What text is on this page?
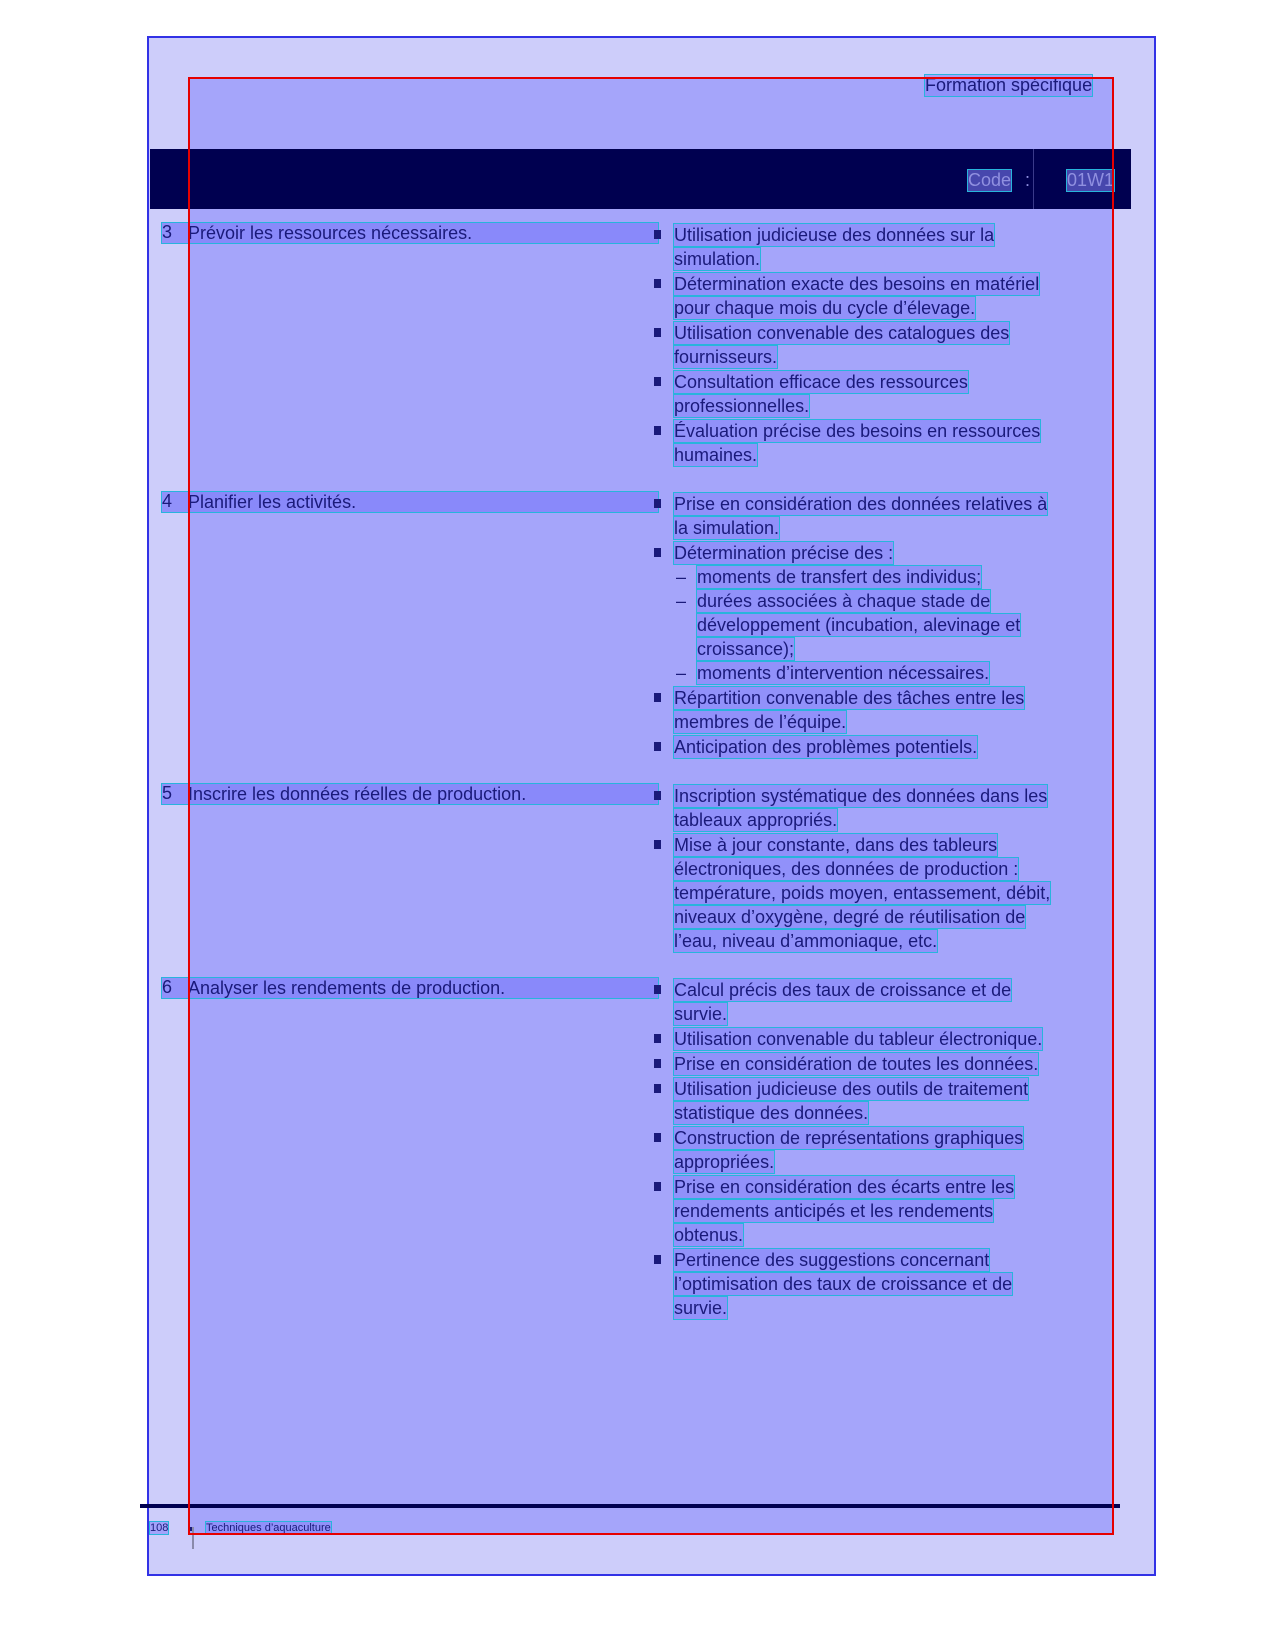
Formation spécifique
Code : 01W1
3 Prévoir les ressources nécessaires.	Utilisation judicieuse des données sur la
simulation.
Détermination exacte des besoins en matériel
pour chaque mois du cycle d’élevage.
Utilisation convenable des catalogues des
fournisseurs.
Consultation efficace des ressources
professionnelles.
Évaluation précise des besoins en ressources
humaines.
4 Planifier les activités.	Prise en considération des données relatives à
la simulation.
Détermination précise des :
– moments de transfert des individus;
– durées associées à chaque stade de
développement (incubation, alevinage et
croissance);
– moments d’intervention nécessaires.
Répartition convenable des tâches entre les
membres de l’équipe.
Anticipation des problèmes potentiels.
5 Inscrire les données réelles de production.	Inscription systématique des données dans les
tableaux appropriés.
Mise à jour constante, dans des tableurs
électroniques, des données de production :
température, poids moyen, entassement, débit,
niveaux d’oxygène, degré de réutilisation de
l’eau, niveau d’ammoniaque, etc.
6 Analyser les rendements de production.	Calcul précis des taux de croissance et de
survie.
Utilisation convenable du tableur électronique.
Prise en considération de toutes les données.
Utilisation judicieuse des outils de traitement
statistique des données.
Construction de représentations graphiques
appropriées.
Prise en considération des écarts entre les
rendements anticipés et les rendements
obtenus.
Pertinence des suggestions concernant
l’optimisation des taux de croissance et de
survie.
108	Techniques d’aquaculture
